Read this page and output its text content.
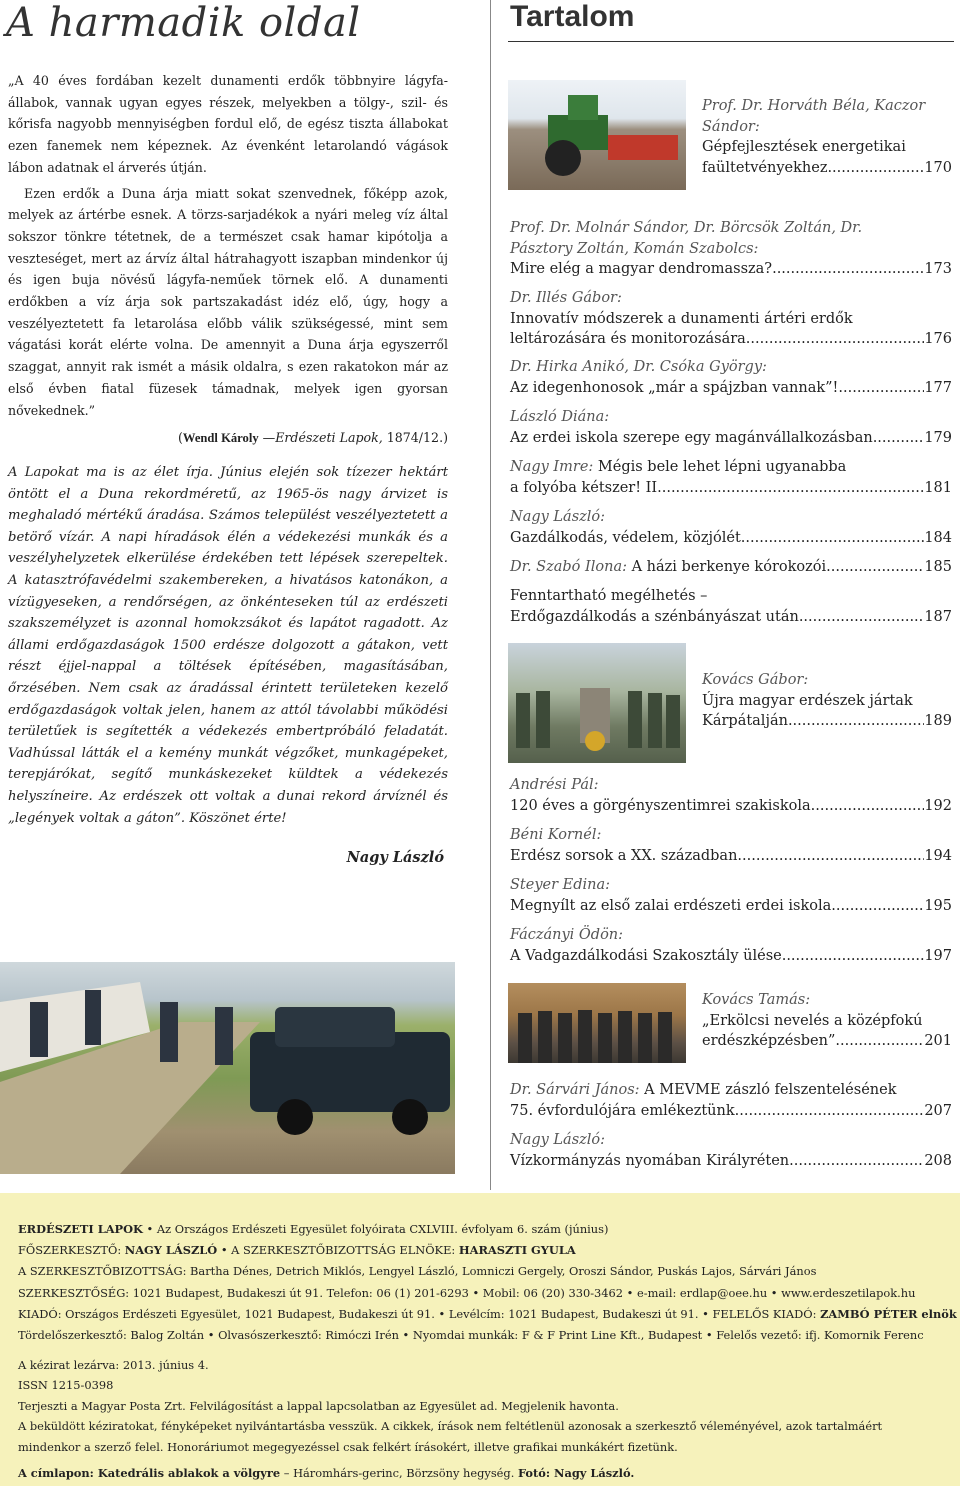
A harmadik oldal

„A 40 éves fordában kezelt dunamenti erdők többnyire lágyfa-állabok, vannak ugyan egyes részek, melyekben a tölgy-, szil- és kőrisfa nagyobb mennyiségben fordul elő, de egész tiszta állabokat ezen fanemek nem képeznek. Az évenként letarolandó vágások lábon adatnak el árverés útján.

Ezen erdők a Duna árja miatt sokat szenvednek, főképp azok, melyek az ártérbe esnek. A törzs-sarjadékok a nyári meleg víz által sokszor tönkre tétetnek, de a természet csak hamar kipótolja a veszteséget, mert az árvíz által hátrahagyott iszapban mindenkor új és igen buja növésű lágyfa-neműek törnek elő. A dunamenti erdőkben a víz árja sok partszakadást idéz elő, úgy, hogy a veszélyeztetett fa letarolása előbb válik szükségessé, mint sem vágatási korát elérte volna. De amennyit a Duna árja egyszerről szaggat, annyit rak ismét a másik oldalra, s ezen rakatokon már az első évben fiatal füzesek támadnak, melyek igen gyorsan nővekednek.”

(Wendl Károly —Erdészeti Lapok, 1874/12.)

A Lapokat ma is az élet írja. Június elején sok tízezer hektárt öntött el a Duna rekordméretű, az 1965-ös nagy árvizet is meghaladó mértékű áradása. Számos települést veszélyeztetett a betörő vízár. A napi híradások élén a védekezési munkák és a veszélyhelyzetek elkerülése érdekében tett lépések szerepeltek. A katasztrófavédelmi szakembereken, a hivatásos katonákon, a vízügyeseken, a rendőrségen, az önkénteseken túl az erdészeti szakszemélyzet is azonnal homokzsákot és lapátot ragadott. Az állami erdőgazdaságok 1500 erdésze dolgozott a gátakon, vett részt éjjel-nappal a töltések építésében, magasításában, őrzésében. Nem csak az áradással érintett területeken kezelő erdőgazdaságok voltak jelen, hanem az attól távolabbi működési területűek is segítették a védekezés embertpróbáló feladatát. Vadhússal látták el a kemény munkát végzőket, munkagépeket, terepjárókat, segítő munkáskezeket küldtek a védekezés helyszíneire. Az erdészek ott voltak a dunai rekord árvíznél és „legények voltak a gáton”. Köszönet érte!

Nagy László

Tartalom
Prof. Dr. Horváth Béla, Kaczor Sándor:
Gépfejlesztések energetikai
faültetvényekhez .....	170
Prof. Dr. Molnár Sándor, Dr. Börcsök Zoltán, Dr. Pásztory Zoltán, Komán Szabolcs:
Mire elég a magyar dendromassza? .....	173
Dr. Illés Gábor:
Innovatív módszerek a dunamenti ártéri erdők
leltározására és monitorozására .....	176
Dr. Hirka Anikó, Dr. Csóka György:
Az idegenhonosok „már a spájzban vannak”! .....	177
László Diána:
Az erdei iskola szerepe egy magánvállalkozásban .....	179
Nagy Imre: Mégis bele lehet lépni ugyanabba
a folyóba kétszer! II. .....	181
Nagy László:
Gazdálkodás, védelem, közjólét .....	184
Dr. Szabó Ilona: A házi berkenye kórokozói .....	185
Fenntartható megélhetés –
Erdőgazdálkodás a szénbányászat után .....	187
Kovács Gábor:
Újra magyar erdészek jártak
Kárpátalján .....	189
Andrési Pál:
120 éves a görgényszentimrei szakiskola .....	192
Béni Kornél:
Erdész sorsok a XX. században .....	194
Steyer Edina:
Megnyílt az első zalai erdészeti erdei iskola .....	195
Fáczányi Ödön:
A Vadgazdálkodási Szakosztály ülése .....	197
Kovács Tamás:
„Erkölcsi nevelés a középfokú
erdészképzésben” .....	201
Dr. Sárvári János: A MEVME zászló felszentelésének
75. évfordulójára emlékeztünk .....	207
Nagy László:
Vízkormányzás nyomában Királyréten .....	208
ERDÉSZETI LAPOK • Az Országos Erdészeti Egyesület folyóirata CXLVIII. évfolyam 6. szám (június)
FŐSZERKESZTŐ: NAGY LÁSZLÓ • A SZERKESZTŐBIZOTTSÁG ELNÖKE: HARASZTI GYULA
A SZERKESZTŐBIZOTTSÁG: Bartha Dénes, Detrich Miklós, Lengyel László, Lomniczi Gergely, Oroszi Sándor, Puskás Lajos, Sárvári János
SZERKESZTŐSÉG: 1021 Budapest, Budakeszi út 91. Telefon: 06 (1) 201-6293 • Mobil: 06 (20) 330-3462 • e-mail: erdlap@oee.hu • www.erdeszetilapok.hu
KIADÓ: Országos Erdészeti Egyesület, 1021 Budapest, Budakeszi út 91. • Levélcím: 1021 Budapest, Budakeszi út 91. • FELELŐS KIADÓ: ZAMBÓ PÉTER elnök
Tördelőszerkesztő: Balog Zoltán • Olvasószerkesztő: Rimóczi Irén • Nyomdai munkák: F & F Print Line Kft., Budapest • Felelős vezető: ifj. Komornik Ferenc
A kézirat lezárva: 2013. június 4.
ISSN 1215-0398
Terjeszti a Magyar Posta Zrt. Felvilágosítást a lappal lapcsolatban az Egyesület ad. Megjelenik havonta.
A beküldött kéziratokat, fényképeket nyilvántartásba vesszük. A cikkek, írások nem feltétlenül azonosak a szerkesztő véleményével, azok tartalmáért mindenkor a szerző felel. Honoráriumot megegyezéssel csak felkért írásokért, illetve grafikai munkákért fizetünk.
A címlapon: Katedrális ablakok a völgyre – Háromhárs-gerinc, Börzsöny hegység. Fotó: Nagy László.
